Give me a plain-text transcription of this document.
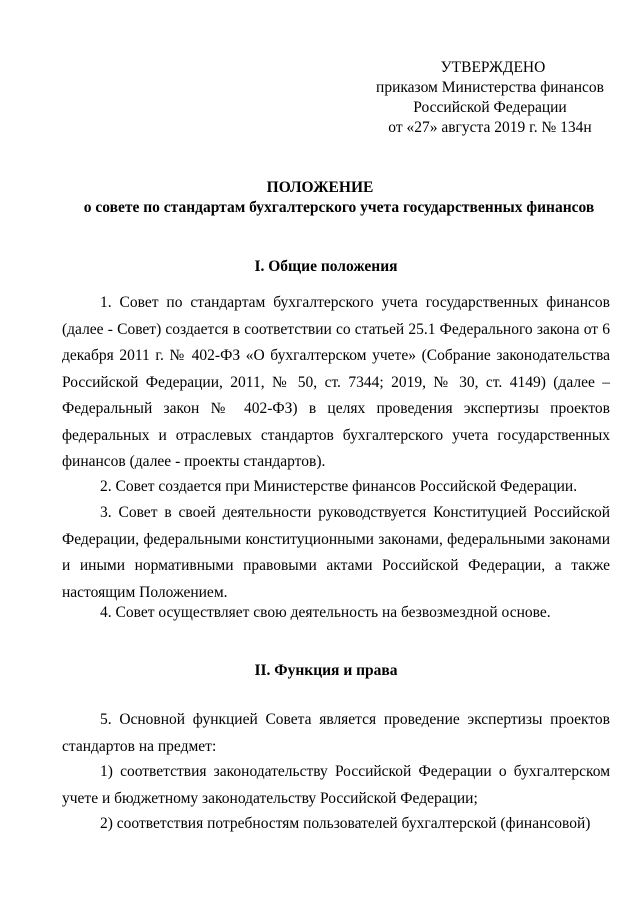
УТВЕРЖДЕНО
приказом Министерства финансов
Российской Федерации
от «27» августа 2019 г. № 134н
ПОЛОЖЕНИЕ
о совете по стандартам бухгалтерского учета государственных финансов
I. Общие положения
1. Совет по стандартам бухгалтерского учета государственных финансов (далее - Совет) создается в соответствии со статьей 25.1 Федерального закона от 6 декабря 2011 г. № 402-ФЗ «О бухгалтерском учете» (Собрание законодательства Российской Федерации, 2011, № 50, ст. 7344; 2019, № 30, ст. 4149) (далее – Федеральный закон № 402-ФЗ) в целях проведения экспертизы проектов федеральных и отраслевых стандартов бухгалтерского учета государственных финансов (далее - проекты стандартов).
2. Совет создается при Министерстве финансов Российской Федерации.
3. Совет в своей деятельности руководствуется Конституцией Российской Федерации, федеральными конституционными законами, федеральными законами и иными нормативными правовыми актами Российской Федерации, а также настоящим Положением.
4. Совет осуществляет свою деятельность на безвозмездной основе.
II. Функция и права
5. Основной функцией Совета является проведение экспертизы проектов стандартов на предмет:
1) соответствия законодательству Российской Федерации о бухгалтерском учете и бюджетному законодательству Российской Федерации;
2) соответствия потребностям пользователей бухгалтерской (финансовой)
